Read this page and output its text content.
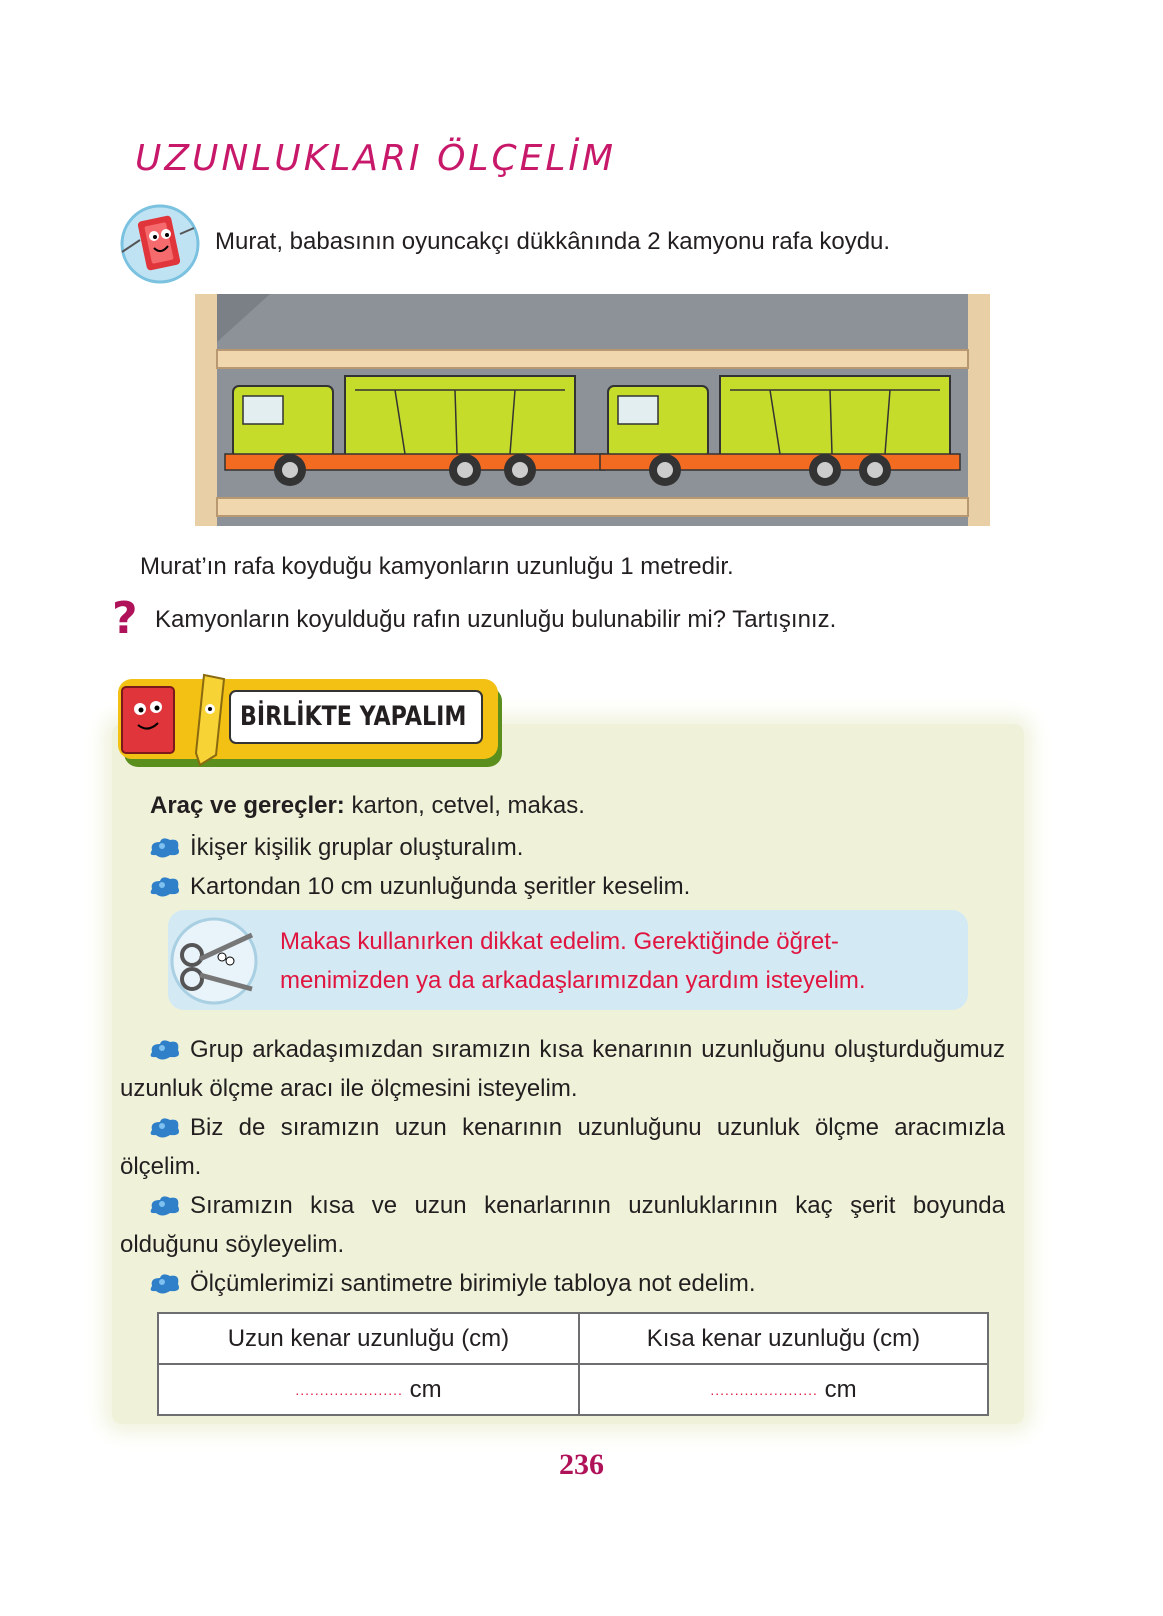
UZUNLUKLARI ÖLÇELİM
Murat, babasının oyuncakçı dükkânında 2 kamyonu rafa koydu.
Murat’ın rafa koyduğu kamyonların uzunluğu 1 metredir.
? Kamyonların koyulduğu rafın uzunluğu bulunabilir mi? Tartışınız.
BİRLİKTE YAPALIM
Araç ve gereçler: karton, cetvel, makas.
İkişer kişilik gruplar oluşturalım.
Kartondan 10 cm uzunluğunda şeritler keselim.
Makas kullanırken dikkat edelim. Gerektiğinde öğret-
menimizden ya da arkadaşlarımızdan yardım isteyelim.
Grup arkadaşımızdan sıramızın kısa kenarının uzunluğunu oluşturduğumuz uzunluk ölçme aracı ile ölçmesini isteyelim.
Biz de sıramızın uzun kenarının uzunluğunu uzunluk ölçme aracımızla ölçelim.
Sıramızın kısa ve uzun kenarlarının uzunluklarının kaç şerit boyunda olduğunu söyleyelim.
Ölçümlerimizi santimetre birimiyle tabloya not edelim.
Uzun kenar uzunluğu (cm)	Kısa kenar uzunluğu (cm)
...................... cm	...................... cm
236
